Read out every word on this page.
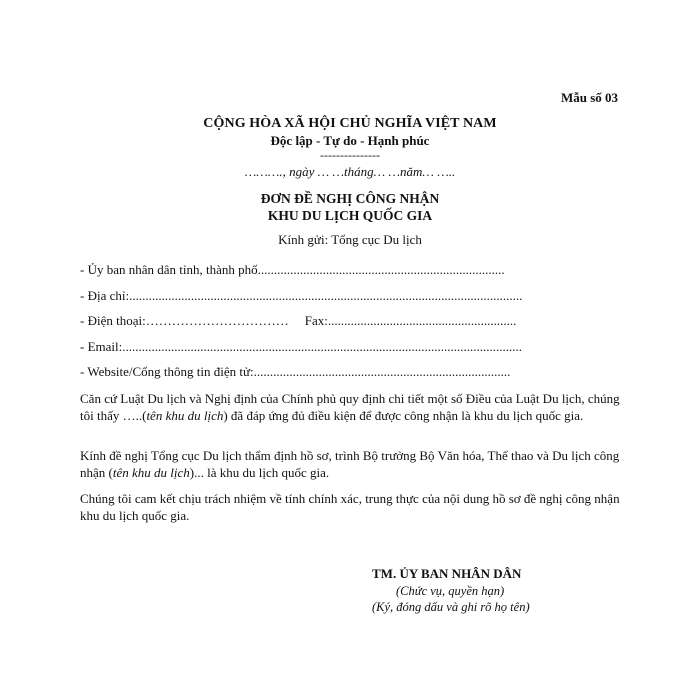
Mẫu số 03
CỘNG HÒA XÃ HỘI CHỦ NGHĨA VIỆT NAM
Độc lập - Tự do - Hạnh phúc
---------------
………., ngày … …tháng… …năm… …..
ĐƠN ĐỀ NGHỊ CÔNG NHẬN
KHU DU LỊCH QUỐC GIA
Kính gửi: Tổng cục Du lịch
- Ủy ban nhân dân tỉnh, thành phố............................................................................
- Địa chỉ:.........................................................................................................................
- Điện thoại:…………………………… Fax:..........................................................
- Email:...........................................................................................................................
- Website/Cổng thông tin điện tử:...............................................................................
Căn cứ Luật Du lịch và Nghị định của Chính phủ quy định chi tiết một số Điều của Luật Du lịch, chúng tôi thấy …..(tên khu du lịch) đã đáp ứng đủ điều kiện để được công nhận là khu du lịch quốc gia.
Kính đề nghị Tổng cục Du lịch thẩm định hồ sơ, trình Bộ trưởng Bộ Văn hóa, Thể thao và Du lịch công nhận (tên khu du lịch)... là khu du lịch quốc gia.
Chúng tôi cam kết chịu trách nhiệm về tính chính xác, trung thực của nội dung hồ sơ đề nghị công nhận khu du lịch quốc gia.
TM. ỦY BAN NHÂN DÂN
(Chức vụ, quyền hạn)
(Ký, đóng dấu và ghi rõ họ tên)
